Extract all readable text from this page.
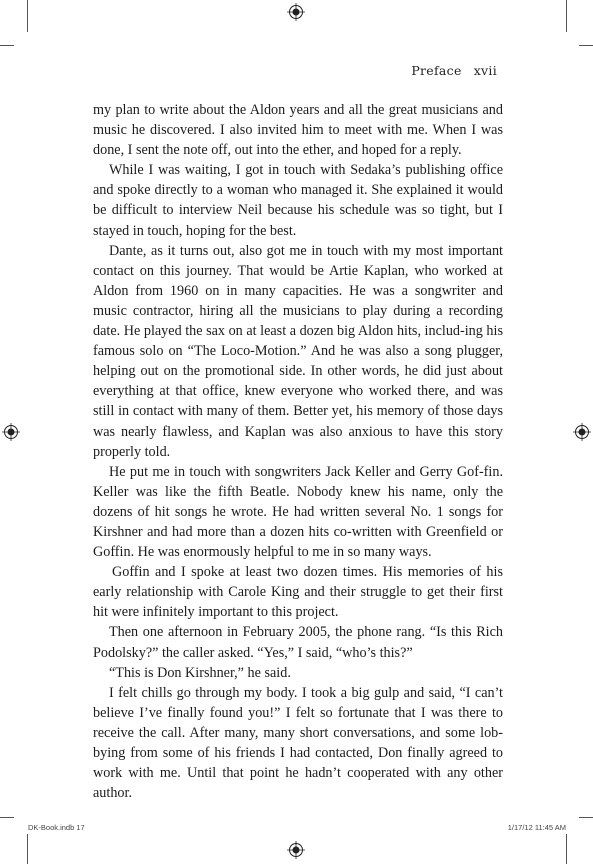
Preface xvii

my plan to write about the Aldon years and all the great musicians and music he discovered. I also invited him to meet with me. When I was done, I sent the note off, out into the ether, and hoped for a reply.

While I was waiting, I got in touch with Sedaka’s publishing office and spoke directly to a woman who managed it. She explained it would be difficult to interview Neil because his schedule was so tight, but I stayed in touch, hoping for the best.

Dante, as it turns out, also got me in touch with my most important contact on this journey. That would be Artie Kaplan, who worked at Aldon from 1960 on in many capacities. He was a songwriter and music contractor, hiring all the musicians to play during a recording date. He played the sax on at least a dozen big Aldon hits, includ-ing his famous solo on “The Loco-Motion.” And he was also a song plugger, helping out on the promotional side. In other words, he did just about everything at that office, knew everyone who worked there, and was still in contact with many of them. Better yet, his memory of those days was nearly flawless, and Kaplan was also anxious to have this story properly told.

He put me in touch with songwriters Jack Keller and Gerry Gof-fin. Keller was like the fifth Beatle. Nobody knew his name, only the dozens of hit songs he wrote. He had written several No. 1 songs for Kirshner and had more than a dozen hits co-written with Greenfield or Goffin. He was enormously helpful to me in so many ways.

Goffin and I spoke at least two dozen times. His memories of his early relationship with Carole King and their struggle to get their first hit were infinitely important to this project.

Then one afternoon in February 2005, the phone rang. “Is this Rich Podolsky?” the caller asked. “Yes,” I said, “who’s this?”

“This is Don Kirshner,” he said.

I felt chills go through my body. I took a big gulp and said, “I can’t believe I’ve finally found you!” I felt so fortunate that I was there to receive the call. After many, many short conversations, and some lob-bying from some of his friends I had contacted, Don finally agreed to work with me. Until that point he hadn’t cooperated with any other author.

DK-Book.indb 17	1/17/12 11:45 AM
